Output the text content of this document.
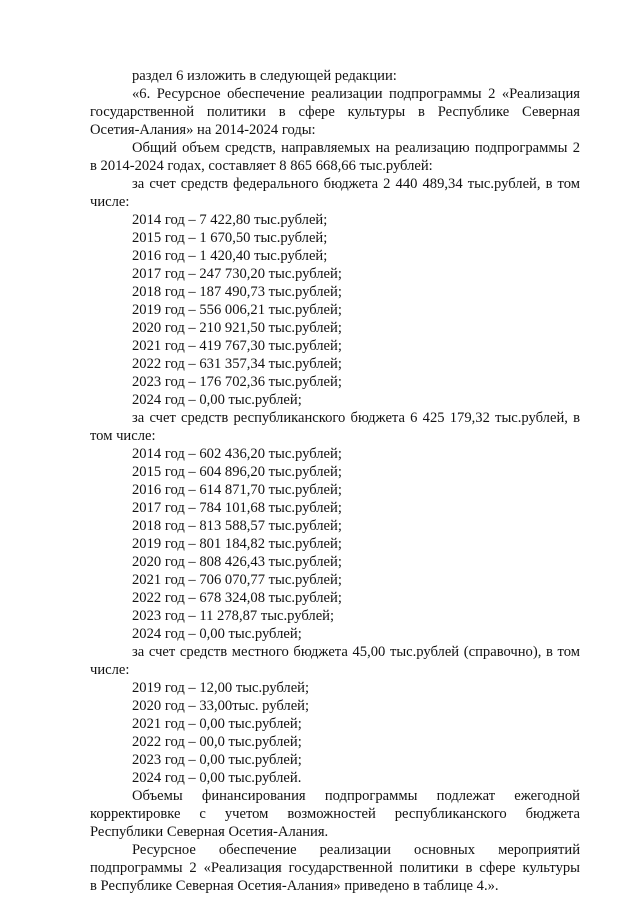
раздел 6 изложить в следующей редакции:
«6. Ресурсное обеспечение реализации подпрограммы 2 «Реализация
государственной политики в сфере культуры в Республике Северная
Осетия-Алания» на 2014-2024 годы:
Общий объем средств, направляемых на реализацию подпрограммы 2
в 2014-2024 годах, составляет 8 865 668,66 тыс.рублей:
за счет средств федерального бюджета 2 440 489,34 тыс.рублей, в том
числе:
2014 год – 7 422,80 тыс.рублей;
2015 год – 1 670,50 тыс.рублей;
2016 год – 1 420,40 тыс.рублей;
2017 год – 247 730,20 тыс.рублей;
2018 год – 187 490,73 тыс.рублей;
2019 год – 556 006,21 тыс.рублей;
2020 год – 210 921,50 тыс.рублей;
2021 год – 419 767,30 тыс.рублей;
2022 год – 631 357,34 тыс.рублей;
2023 год – 176 702,36 тыс.рублей;
2024 год – 0,00 тыс.рублей;
за счет средств республиканского бюджета 6 425 179,32 тыс.рублей, в
том числе:
2014 год – 602 436,20 тыс.рублей;
2015 год – 604 896,20 тыс.рублей;
2016 год – 614 871,70 тыс.рублей;
2017 год – 784 101,68 тыс.рублей;
2018 год – 813 588,57 тыс.рублей;
2019 год – 801 184,82 тыс.рублей;
2020 год – 808 426,43 тыс.рублей;
2021 год – 706 070,77 тыс.рублей;
2022 год – 678 324,08 тыс.рублей;
2023 год – 11 278,87 тыс.рублей;
2024 год – 0,00 тыс.рублей;
за счет средств местного бюджета 45,00 тыс.рублей (справочно), в том
числе:
2019 год – 12,00 тыс.рублей;
2020 год – 33,00тыс. рублей;
2021 год – 0,00 тыс.рублей;
2022 год – 00,0 тыс.рублей;
2023 год – 0,00 тыс.рублей;
2024 год – 0,00 тыс.рублей.
Объемы финансирования подпрограммы подлежат ежегодной
корректировке с учетом возможностей республиканского бюджета
Республики Северная Осетия-Алания.
Ресурсное обеспечение реализации основных мероприятий
подпрограммы 2 «Реализация государственной политики в сфере культуры
в Республике Северная Осетия-Алания» приведено в таблице 4.».
